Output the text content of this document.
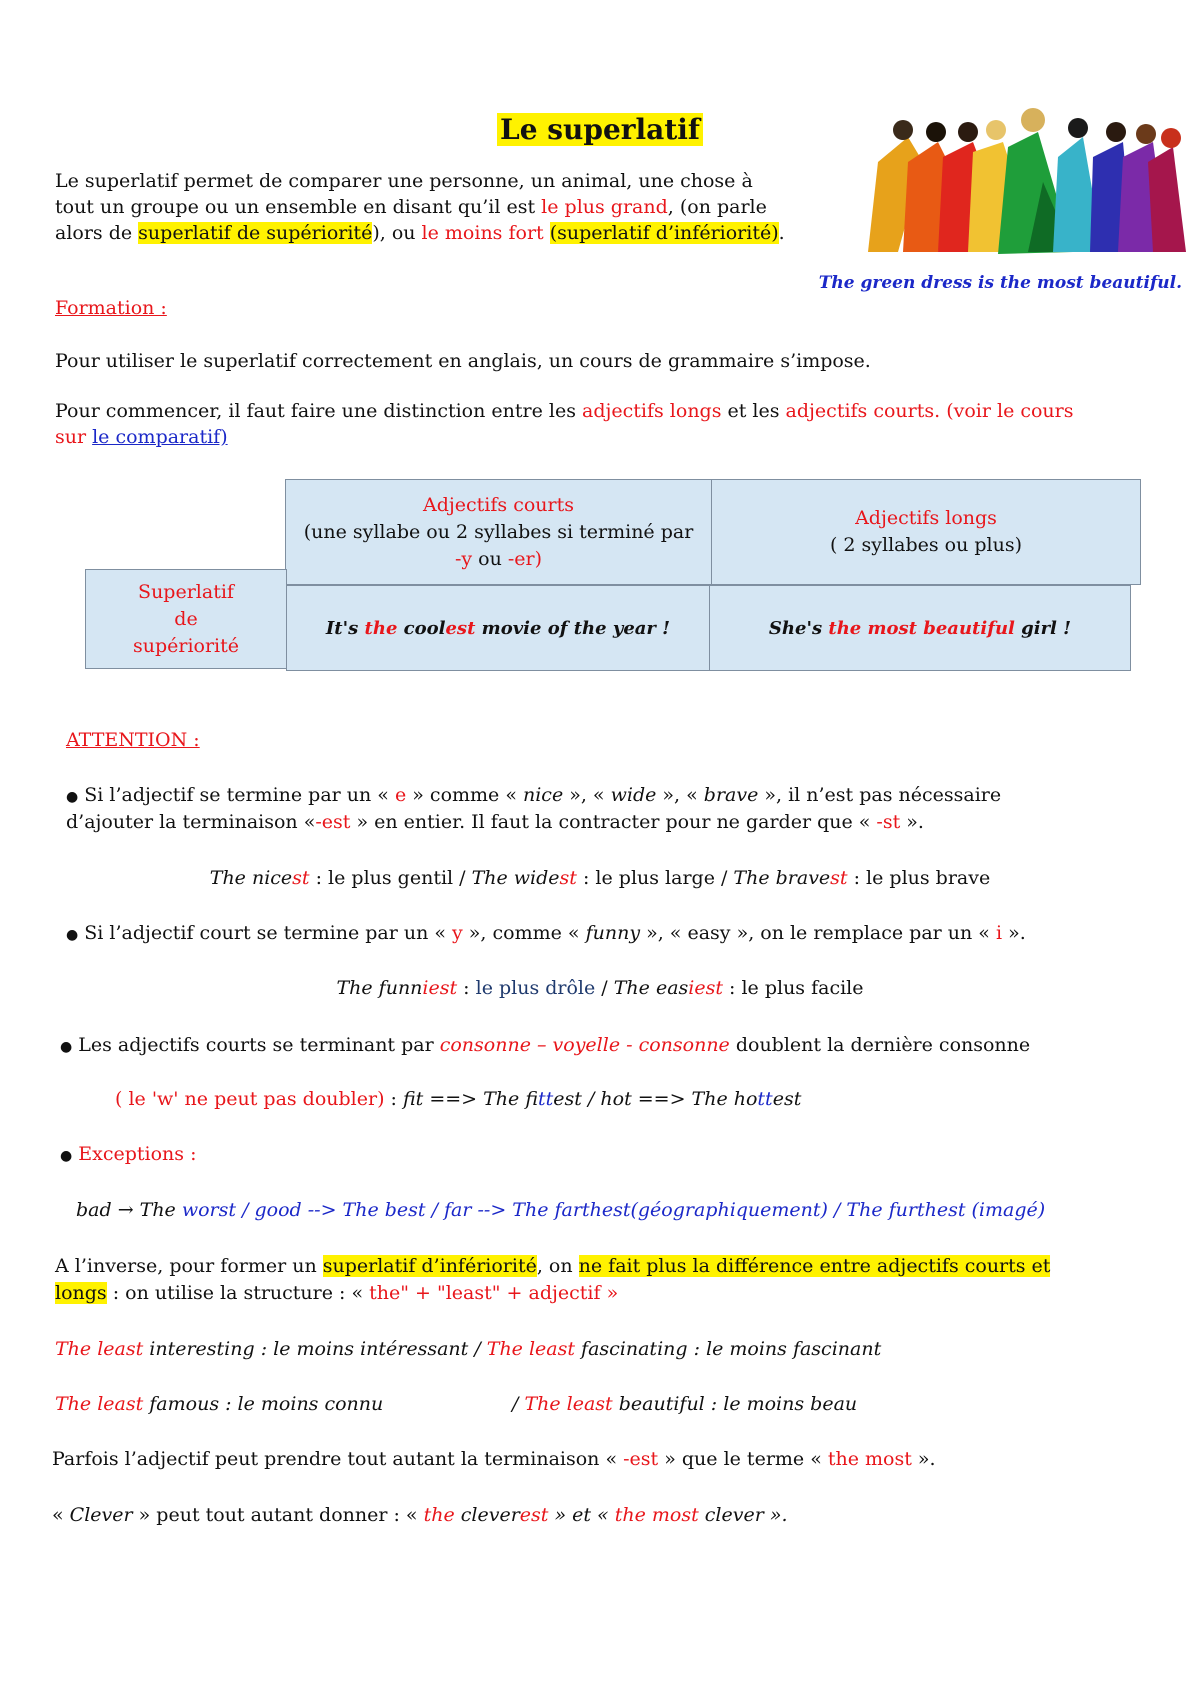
Le superlatif
Le superlatif permet de comparer une personne, un animal, une chose à
tout un groupe ou un ensemble en disant qu’il est le plus grand, (on parle
alors de superlatif de supériorité), ou le moins fort (superlatif d’infériorité).
The green dress is the most beautiful.
Formation :
Pour utiliser le superlatif correctement en anglais, un cours de grammaire s’impose.
Pour commencer, il faut faire une distinction entre les adjectifs longs et les adjectifs courts. (voir le cours
sur le comparatif)
Adjectifs courts
(une syllabe ou 2 syllabes si terminé par
-y ou -er)
Adjectifs longs
( 2 syllabes ou plus)
Superlatif
de
supériorité
It's the coolest movie of the year !	She's the most beautiful girl !
ATTENTION :
● Si l’adjectif se termine par un « e » comme « nice », « wide », « brave », il n’est pas nécessaire
d’ajouter la terminaison «-est » en entier. Il faut la contracter pour ne garder que « -st ».
The nicest : le plus gentil / The widest : le plus large / The bravest : le plus brave
● Si l’adjectif court se termine par un « y », comme « funny », « easy », on le remplace par un « i ».
The funniest : le plus drôle / The easiest : le plus facile
● Les adjectifs courts se terminant par consonne – voyelle - consonne doublent la dernière consonne
( le 'w' ne peut pas doubler) : fit ==> The fittest / hot ==> The hottest
● Exceptions :
bad → The worst / good --> The best / far --> The farthest(géographiquement) / The furthest (imagé)
A l’inverse, pour former un superlatif d’infériorité, on ne fait plus la différence entre adjectifs courts et
longs : on utilise la structure : « the" + "least" + adjectif »
The least interesting : le moins intéressant / The least fascinating : le moins fascinant
The least famous : le moins connu	/ The least beautiful : le moins beau
Parfois l’adjectif peut prendre tout autant la terminaison « -est » que le terme « the most ».
« Clever » peut tout autant donner : « the cleverest » et « the most clever ».
